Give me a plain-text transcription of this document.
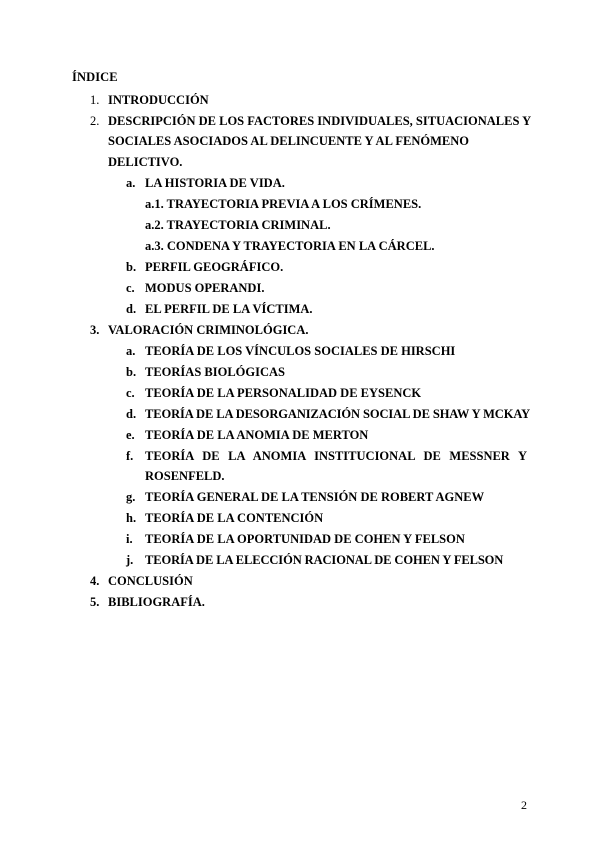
ÍNDICE
1. INTRODUCCIÓN
2. DESCRIPCIÓN DE LOS FACTORES INDIVIDUALES, SITUACIONALES Y
SOCIALES ASOCIADOS AL DELINCUENTE Y AL FENÓMENO
DELICTIVO.
a. LA HISTORIA DE VIDA.
a.1. TRAYECTORIA PREVIA A LOS CRÍMENES.
a.2. TRAYECTORIA CRIMINAL.
a.3. CONDENA Y TRAYECTORIA EN LA CÁRCEL.
b. PERFIL GEOGRÁFICO.
c. MODUS OPERANDI.
d. EL PERFIL DE LA VÍCTIMA.
3. VALORACIÓN CRIMINOLÓGICA.
a. TEORÍA DE LOS VÍNCULOS SOCIALES DE HIRSCHI
b. TEORÍAS BIOLÓGICAS
c. TEORÍA DE LA PERSONALIDAD DE EYSENCK
d. TEORÍA DE LA DESORGANIZACIÓN SOCIAL DE SHAW Y MCKAY
e. TEORÍA DE LA ANOMIA DE MERTON
f. TEORÍA DE LA ANOMIA INSTITUCIONAL DE MESSNER Y
ROSENFELD.
g. TEORÍA GENERAL DE LA TENSIÓN DE ROBERT AGNEW
h. TEORÍA DE LA CONTENCIÓN
i. TEORÍA DE LA OPORTUNIDAD DE COHEN Y FELSON
j. TEORÍA DE LA ELECCIÓN RACIONAL DE COHEN Y FELSON
4. CONCLUSIÓN
5. BIBLIOGRAFÍA.
2
